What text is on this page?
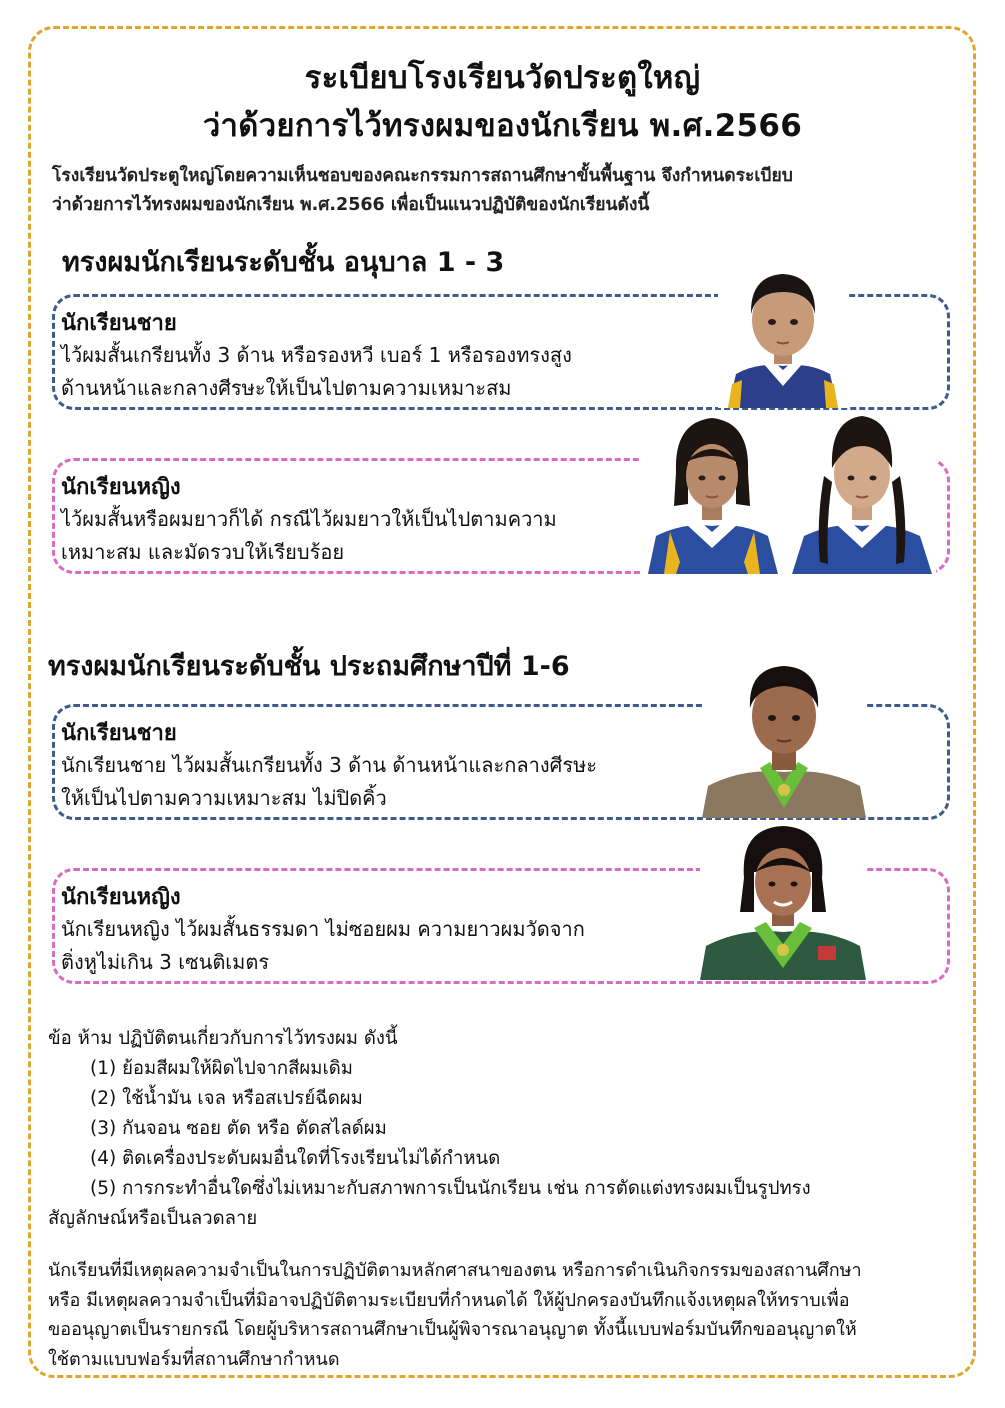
ระเบียบโรงเรียนวัดประตูใหญ่
ว่าด้วยการไว้ทรงผมของนักเรียน พ.ศ.2566
โรงเรียนวัดประตูใหญ่โดยความเห็นชอบของคณะกรรมการสถานศึกษาขั้นพื้นฐาน จึงกำหนดระเบียบ
ว่าด้วยการไว้ทรงผมของนักเรียน พ.ศ.2566 เพื่อเป็นแนวปฏิบัติของนักเรียนดังนี้
ทรงผมนักเรียนระดับชั้น อนุบาล 1 - 3
นักเรียนชาย
ไว้ผมสั้นเกรียนทั้ง 3 ด้าน หรือรองหวี เบอร์ 1 หรือรองทรงสูง
ด้านหน้าและกลางศีรษะให้เป็นไปตามความเหมาะสม
นักเรียนหญิง
ไว้ผมสั้นหรือผมยาวก็ได้ กรณีไว้ผมยาวให้เป็นไปตามความ
เหมาะสม และมัดรวบให้เรียบร้อย
ทรงผมนักเรียนระดับชั้น ประถมศึกษาปีที่ 1-6
นักเรียนชาย
นักเรียนชาย ไว้ผมสั้นเกรียนทั้ง 3 ด้าน ด้านหน้าและกลางศีรษะ
ให้เป็นไปตามความเหมาะสม ไม่ปิดคิ้ว
นักเรียนหญิง
นักเรียนหญิง ไว้ผมสั้นธรรมดา ไม่ซอยผม ความยาวผมวัดจาก
ติ่งหูไม่เกิน 3 เซนติเมตร
ข้อ ห้าม ปฏิบัติตนเกี่ยวกับการไว้ทรงผม ดังนี้
(1) ย้อมสีผมให้ผิดไปจากสีผมเดิม
(2) ใช้น้ำมัน เจล หรือสเปรย์ฉีดผม
(3) กันจอน ซอย ตัด หรือ ตัดสไลด์ผม
(4) ติดเครื่องประดับผมอื่นใดที่โรงเรียนไม่ได้กำหนด
(5) การกระทำอื่นใดซึ่งไม่เหมาะกับสภาพการเป็นนักเรียน เช่น การตัดแต่งทรงผมเป็นรูปทรง
สัญลักษณ์หรือเป็นลวดลาย
นักเรียนที่มีเหตุผลความจำเป็นในการปฏิบัติตามหลักศาสนาของตน หรือการดำเนินกิจกรรมของสถานศึกษา
หรือ มีเหตุผลความจำเป็นที่มิอาจปฏิบัติตามระเบียบที่กำหนดได้ ให้ผู้ปกครองบันทึกแจ้งเหตุผลให้ทราบเพื่อ
ขออนุญาตเป็นรายกรณี โดยผู้บริหารสถานศึกษาเป็นผู้พิจารณาอนุญาต ทั้งนี้แบบฟอร์มบันทึกขออนุญาตให้
ใช้ตามแบบฟอร์มที่สถานศึกษากำหนด
